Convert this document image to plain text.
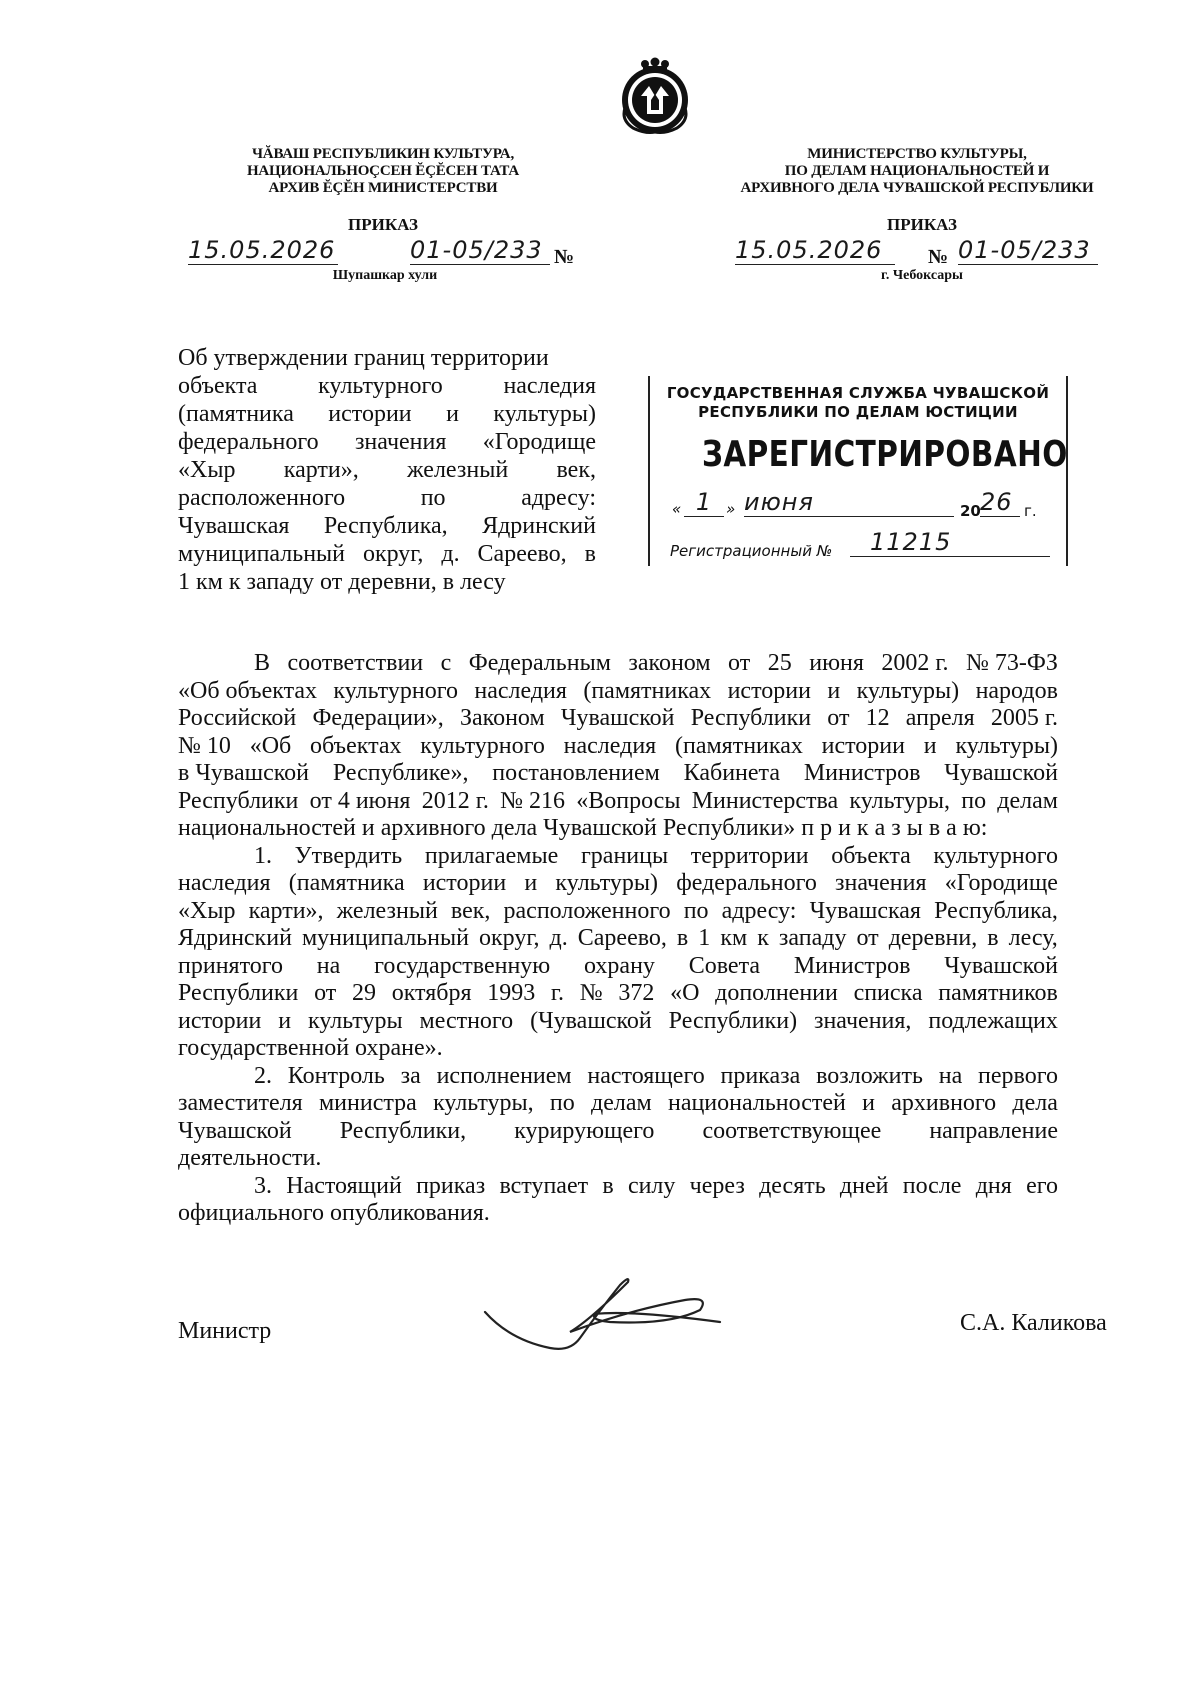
ЧĂВАШ РЕСПУБЛИКИН КУЛЬТУРА,
НАЦИОНАЛЬНОÇСЕН ĔÇĔСЕН ТАТА
АРХИВ ĔÇĔН МИНИСТЕРСТВИ
ПРИКАЗ
15.05.2026	01-05/233 №
Шупашкар хули
МИНИСТЕРСТВО КУЛЬТУРЫ,
ПО ДЕЛАМ НАЦИОНАЛЬНОСТЕЙ И
АРХИВНОГО ДЕЛА ЧУВАШСКОЙ РЕСПУБЛИКИ
ПРИКАЗ
15.05.2026	№ 01-05/233
г. Чебоксары
Об утверждении границ территории
объекта	культурного	наследия
(памятника истории и культуры)
федерального значения «Городище
«Хыр карти», железный век,
расположенного	по	адресу:
Чувашская Республика, Ядринский
муниципальный округ, д. Сареево, в
1 км к западу от деревни, в лесу
ГОСУДАРСТВЕННАЯ СЛУЖБА ЧУВАШСКОЙ
РЕСПУБЛИКИ ПО ДЕЛАМ ЮСТИЦИИ
ЗАРЕГИСТРИРОВАНО
« 1 » июня	20 26 г.
Регистрационный №	11215
В соответствии с Федеральным законом от 25 июня 2002 г. № 73-ФЗ
«Об объектах культурного наследия (памятниках истории и культуры) народов
Российской Федерации», Законом Чувашской Республики от 12 апреля 2005 г.
№ 10 «Об объектах культурного наследия (памятниках истории и культуры)
в Чувашской Республике», постановлением Кабинета Министров Чувашской
Республики от 4 июня 2012 г. № 216 «Вопросы Министерства культуры, по делам
национальностей и архивного дела Чувашской Республики» п р и к а з ы в а ю:
1. Утвердить прилагаемые границы территории объекта культурного
наследия (памятника истории и культуры) федерального значения «Городище
«Хыр карти», железный век, расположенного по адресу: Чувашская Республика,
Ядринский муниципальный округ, д. Сареево, в 1 км к западу от деревни, в лесу,
принятого на государственную охрану Совета Министров Чувашской
Республики от 29 октября 1993 г. № 372 «О дополнении списка памятников
истории и культуры местного (Чувашской Республики) значения, подлежащих
государственной охране».
2. Контроль за исполнением настоящего приказа возложить на первого
заместителя министра культуры, по делам национальностей и архивного дела
Чувашской Республики, курирующего соответствующее направление
деятельности.
3. Настоящий приказ вступает в силу через десять дней после дня его
официального опубликования.
Министр	С.А. Каликова
